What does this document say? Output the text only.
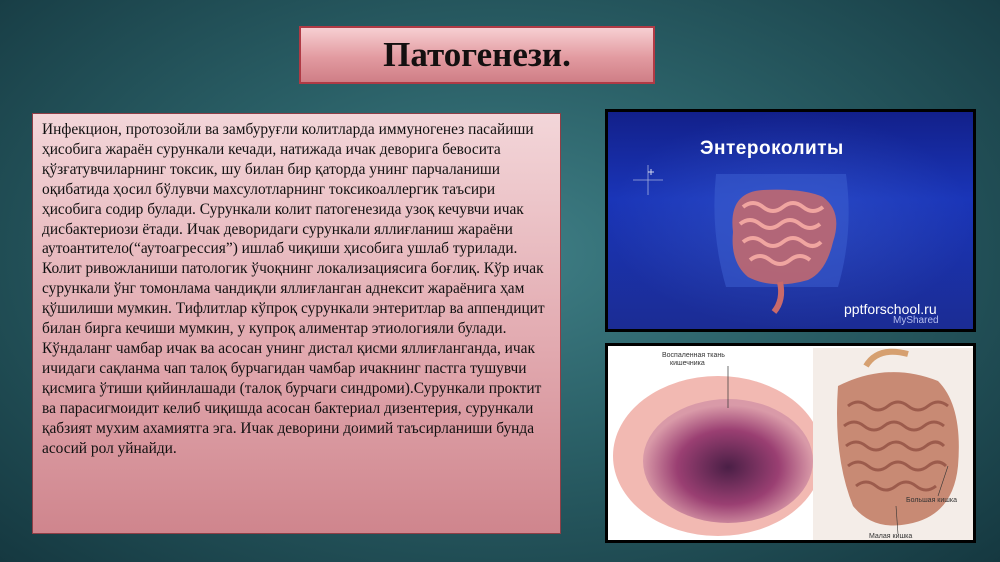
Патогенези.

Инфекцион, протозойли ва замбуруғли колитларда иммуногенез пасайиши ҳисобига жараён сурункали кечади, натижада ичак деворига бевосита қўзғатувчиларнинг токсик, шу билан бир қаторда унинг парчаланиши оқибатида ҳосил бўлувчи махсулотларнинг токсикоаллергик таъсири ҳисобига содир булади. Сурункали колит патогенезида узоқ кечувчи ичак дисбактериози ётади. Ичак деворидаги сурункали яллиғланиш жараёни аутоантитело(“аутоагрессия”) ишлаб чиқиши ҳисобига ушлаб турилади.

Колит ривожланиши патологик ўчоқнинг локализациясига боғлиқ. Кўр ичак сурункали ўнг томонлама чандиқли яллиғланган аднексит жараёнига ҳам қўшилиши мумкин. Тифлитлар кўпроқ сурункали энтеритлар ва аппендицит билан бирга кечиши мумкин, у купроқ алиментар этиологияли булади.

Кўндаланг чамбар ичак ва асосан унинг дистал қисми яллиғланганда, ичак ичидаги сақланма чап талоқ бурчагидан чамбар ичакнинг пастга тушувчи қисмига ўтиши қийинлашади (талоқ бурчаги синдроми).Сурункали проктит ва парасигмоидит келиб чиқишда асосан бактериал дизентерия, сурункали қабзият мухим ахамиятга эга. Ичак деворини доимий таъсирланиши бунда асосий рол уйнайди.

Энтероколиты
pptforschool.ru
MyShared
Воспаленная ткань
кишечника
Большая кишка
Малая кишка
